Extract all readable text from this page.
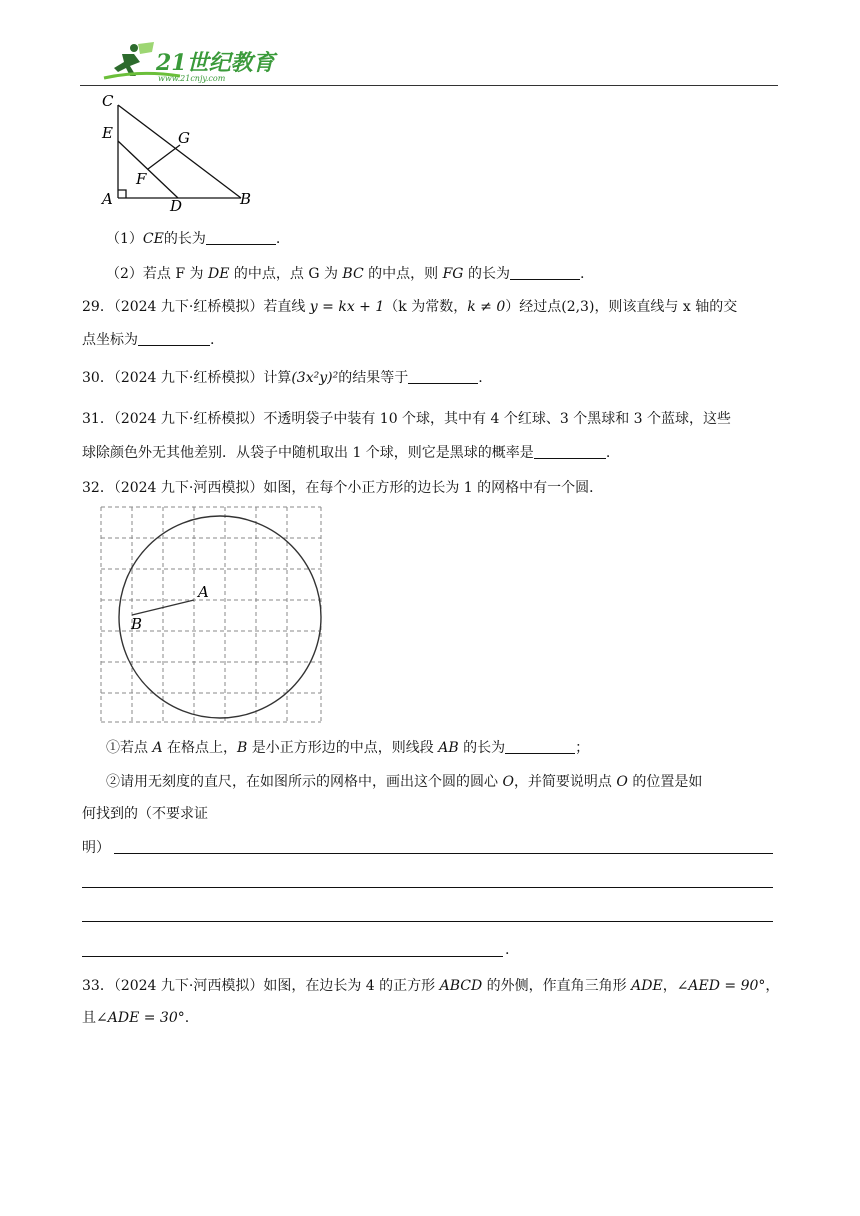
21世纪教育
www.21cnjy.com
C
E	G
F
A	D	B
（1）CE的长为	.
（2）若点 F 为 DE 的中点，点 G 为 BC 的中点，则 FG 的长为	.
29．（2024 九下·红桥模拟）若直线 y = kx + 1（k 为常数，k ≠ 0）经过点(2,3)，则该直线与 x 轴的交
点坐标为	.
30．（2024 九下·红桥模拟）计算(3x²y)²的结果等于	.
31．（2024 九下·红桥模拟）不透明袋子中装有 10 个球，其中有 4 个红球、3 个黑球和 3 个蓝球，这些
球除颜色外无其他差别．从袋子中随机取出 1 个球，则它是黑球的概率是	.
32．（2024 九下·河西模拟）如图，在每个小正方形的边长为 1 的网格中有一个圆．
A
B
①若点 A 在格点上，B 是小正方形边的中点，则线段 AB 的长为	；
②请用无刻度的直尺，在如图所示的网格中，画出这个圆的圆心 O，并简要说明点 O 的位置是如
何找到的（不要求证
明）
.
33．（2024 九下·河西模拟）如图，在边长为 4 的正方形 ABCD 的外侧，作直角三角形 ADE，∠AED = 90°，
且∠ADE = 30°.
